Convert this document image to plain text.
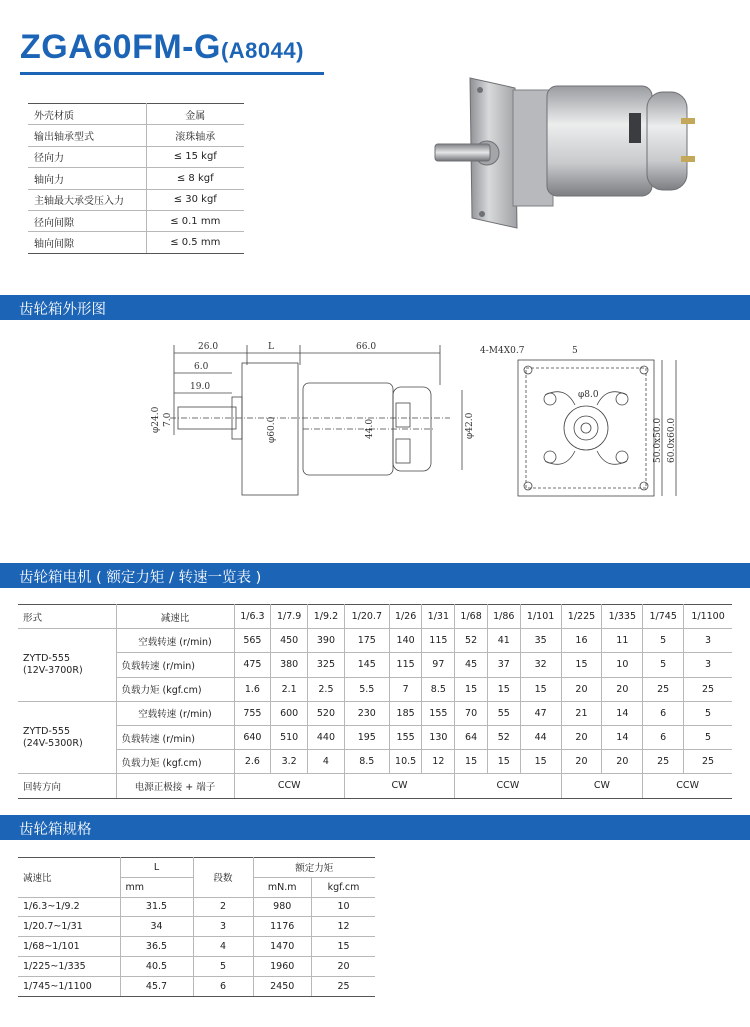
ZGA60FM-G(A8044)
外壳材质	金属
输出轴承型式	滚珠轴承
径向力	≤ 15 kgf
轴向力	≤ 8 kgf
主轴最大承受压入力	≤ 30 kgf
径向间隙	≤ 0.1 mm
轴向间隙	≤ 0.5 mm
齿轮箱外形图
26.0	L	66.0
6.0
19.0
φ24.0 7.0	φ60.0	44.0	φ42.0
4-M4X0.7	5
φ8.0
50.0x50.0 60.0x60.0
齿轮箱电机 ( 额定力矩 / 转速一览表 )
形式	减速比	1/6.3	1/7.9	1/9.2	1/20.7	1/26	1/31	1/68	1/86	1/101	1/225	1/335	1/745	1/1100

ZYTD-555
(12V-3700R)	空载转速 (r/min)	565	450	390	175	140	115	52	41	35	16	11	5	3
	负载转速 (r/min)	475	380	325	145	115	97	45	37	32	15	10	5	3
	负载力矩 (kgf.cm)	1.6	2.1	2.5	5.5	7	8.5	15	15	15	20	20	25	25

ZYTD-555
(24V-5300R)	空载转速 (r/min)	755	600	520	230	185	155	70	55	47	21	14	6	5
	负载转速 (r/min)	640	510	440	195	155	130	64	52	44	20	14	6	5
	负载力矩 (kgf.cm)	2.6	3.2	4	8.5	10.5	12	15	15	15	20	20	25	25
回转方向	电源正极接 + 端子	CCW			CW			CCW			CW		CCW	
齿轮箱规格
减速比	L	段数	额定力矩	
	mm		mN.m	kgf.cm
1/6.3~1/9.2	31.5	2	980	10
1/20.7~1/31	34	3	1176	12
1/68~1/101	36.5	4	1470	15
1/225~1/335	40.5	5	1960	20
1/745~1/1100	45.7	6	2450	25
